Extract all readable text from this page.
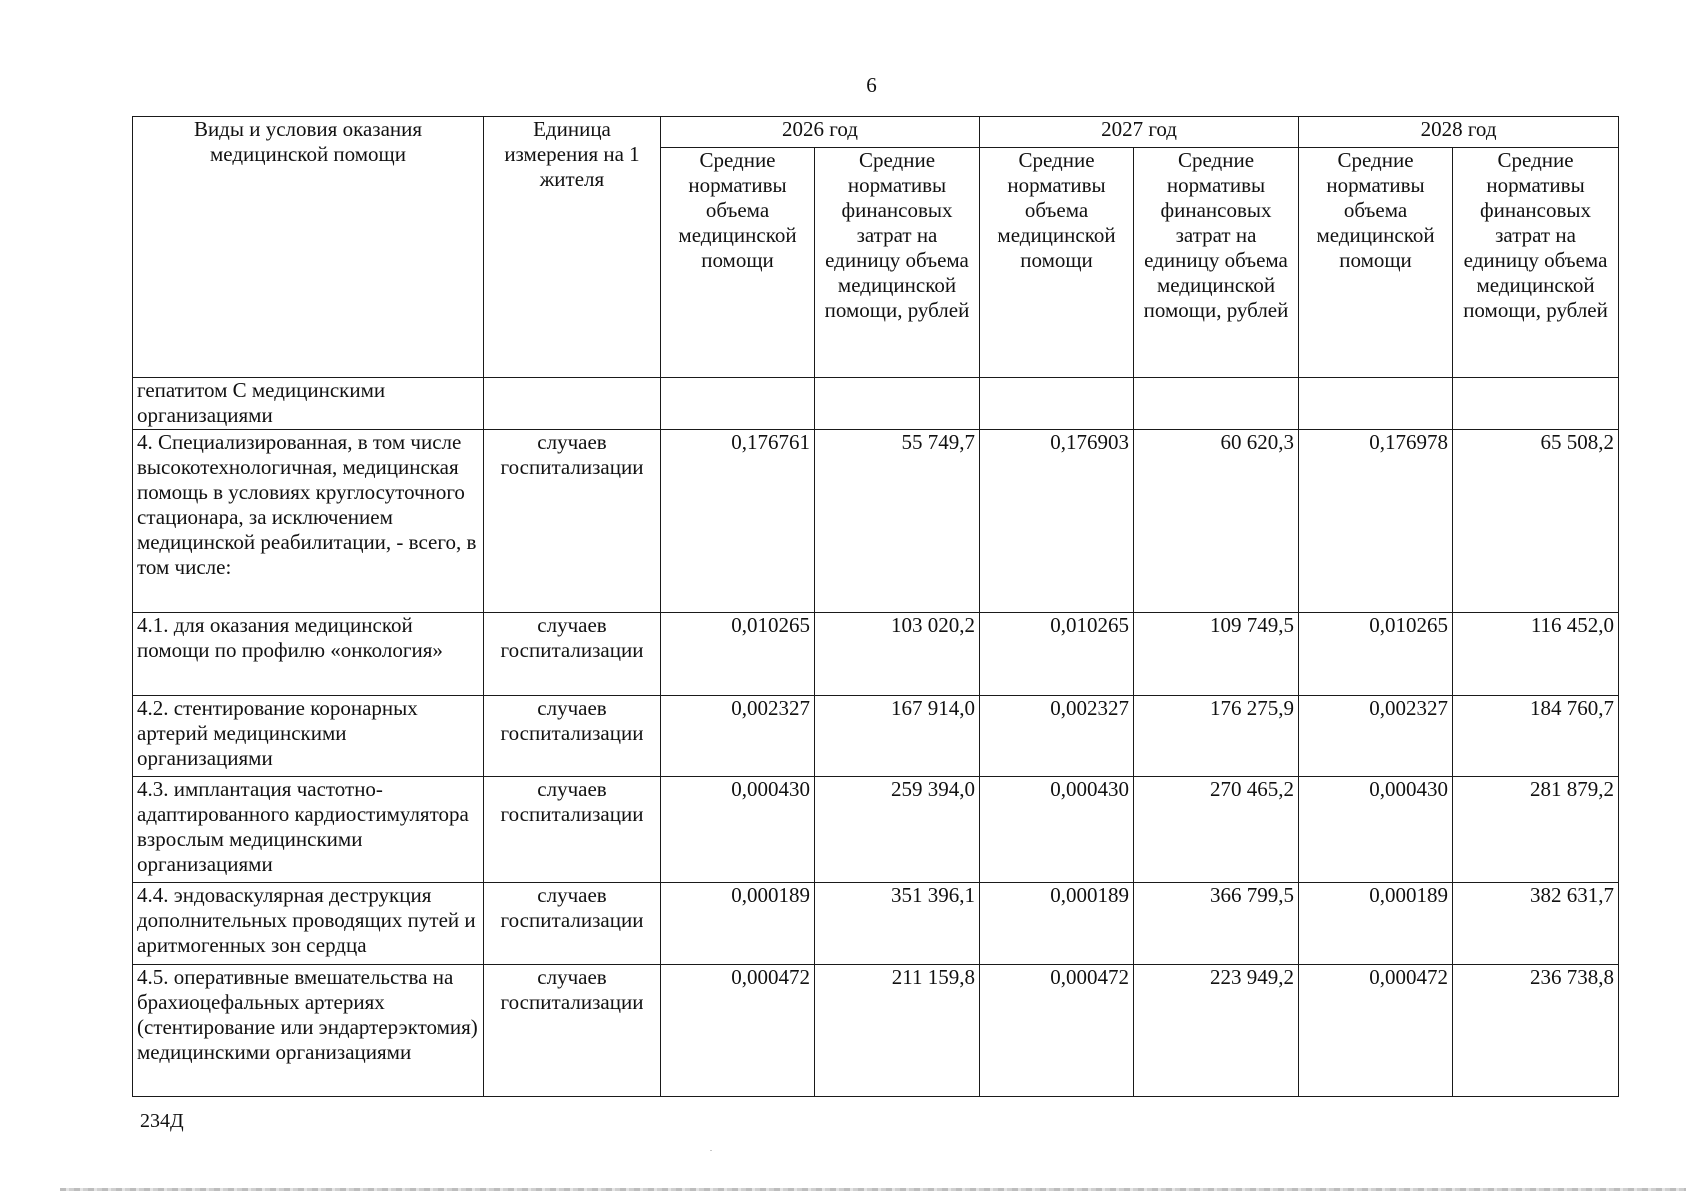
6
Виды и условия оказания медицинской помощи	Единица измерения на 1 жителя	2026 год		2027 год		2028 год	
		Средние нормативы объема медицинской помощи	Средние нормативы финансовых затрат на единицу объема медицинской помощи, рублей	Средние нормативы объема медицинской помощи	Средние нормативы финансовых затрат на единицу объема медицинской помощи, рублей	Средние нормативы объема медицинской помощи	Средние нормативы финансовых затрат на единицу объема медицинской помощи, рублей
гепатитом С медицинскими организациями							
4. Специализированная, в том числе высокотехнологичная, медицинская помощь в условиях круглосуточного стационара, за исключением медицинской реабилитации, - всего, в том числе:	случаев госпитализации	0,176761	55 749,7	0,176903	60 620,3	0,176978	65 508,2
4.1. для оказания медицинской помощи по профилю «онкология»	случаев госпитализации	0,010265	103 020,2	0,010265	109 749,5	0,010265	116 452,0
4.2. стентирование коронарных артерий медицинскими организациями	случаев госпитализации	0,002327	167 914,0	0,002327	176 275,9	0,002327	184 760,7
4.3. имплантация частотно-адаптированного кардиостимулятора взрослым медицинскими организациями	случаев госпитализации	0,000430	259 394,0	0,000430	270 465,2	0,000430	281 879,2
4.4. эндоваскулярная деструкция дополнительных проводящих путей и аритмогенных зон сердца	случаев госпитализации	0,000189	351 396,1	0,000189	366 799,5	0,000189	382 631,7
4.5. оперативные вмешательства на брахиоцефальных артериях (стентирование или эндартерэктомия) медицинскими организациями	случаев госпитализации	0,000472	211 159,8	0,000472	223 949,2	0,000472	236 738,8
234Д
